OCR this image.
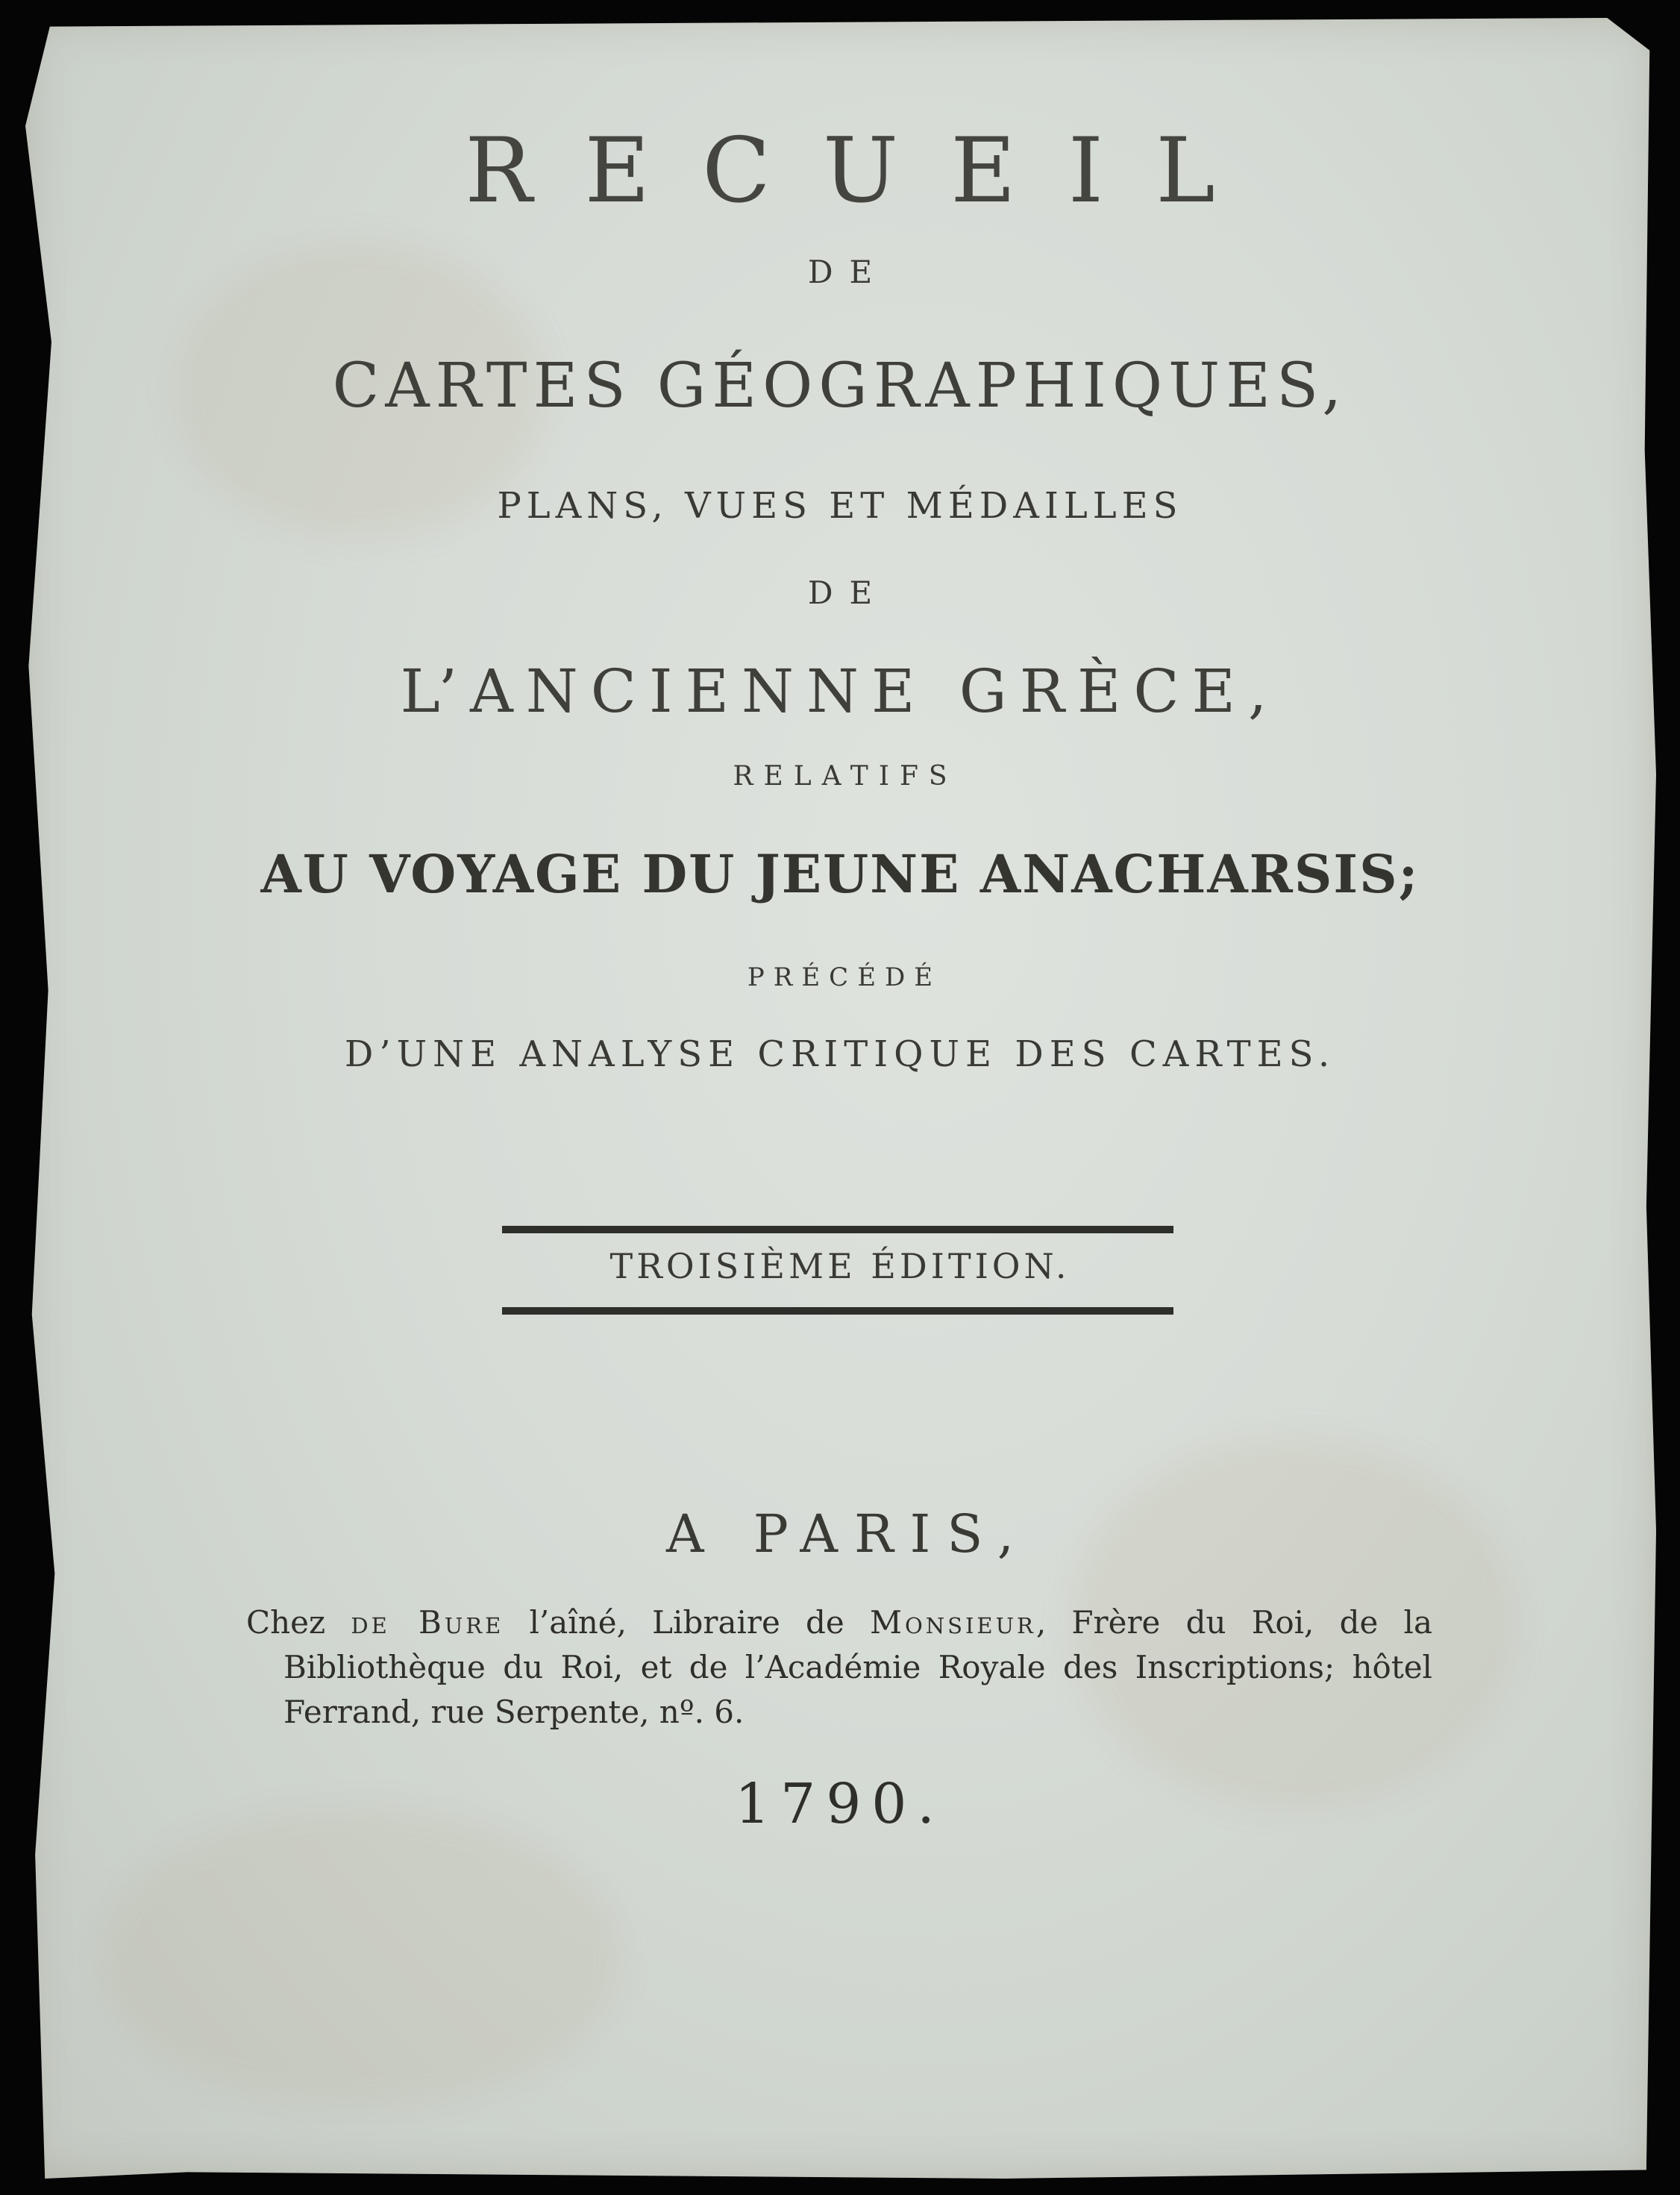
RECUEIL

DE

CARTES GÉOGRAPHIQUES,

PLANS, VUES ET MÉDAILLES

DE

L’ANCIENNE GRÈCE,

RELATIFS

AU VOYAGE DU JEUNE ANACHARSIS;

PRÉCÉDÉ

D’UNE ANALYSE CRITIQUE DES CARTES.

TROISIÈME ÉDITION.

A PARIS,

Chez de Bure l’aîné, Libraire de Monsieur, Frère du Roi, de la

Bibliothèque du Roi, et de l’Académie Royale des Inscriptions; hôtel

Ferrand, rue Serpente, nº. 6.

1790.
